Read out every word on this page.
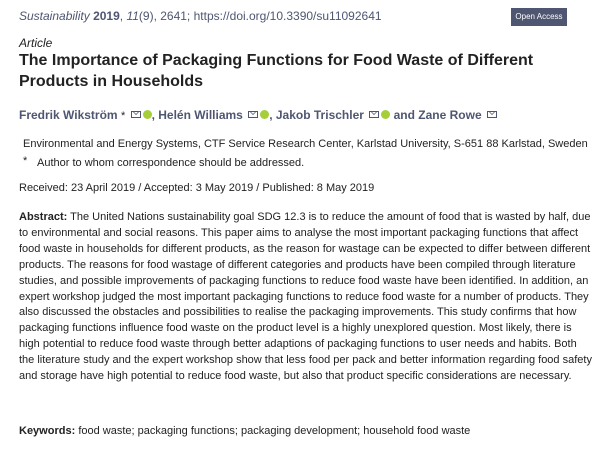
Sustainability 2019, 11(9), 2641; https://doi.org/10.3390/su11092641	Open Access
Article
The Importance of Packaging Functions for Food Waste of Different Products in Households
Fredrik Wikström * , Helén Williams , Jakob Trischler and Zane Rowe
Environmental and Energy Systems, CTF Service Research Center, Karlstad University, S-651 88 Karlstad, Sweden
* Author to whom correspondence should be addressed.
Received: 23 April 2019 / Accepted: 3 May 2019 / Published: 8 May 2019

Abstract: The United Nations sustainability goal SDG 12.3 is to reduce the amount of food that is wasted by half, due to environmental and social reasons. This paper aims to analyse the most important packaging functions that affect food waste in households for different products, as the reason for wastage can be expected to differ between different products. The reasons for food wastage of different categories and products have been compiled through literature studies, and possible improvements of packaging functions to reduce food waste have been identified. In addition, an expert workshop judged the most important packaging functions to reduce food waste for a number of products. They also discussed the obstacles and possibilities to realise the packaging improvements. This study confirms that how packaging functions influence food waste on the product level is a highly unexplored question. Most likely, there is high potential to reduce food waste through better adaptions of packaging functions to user needs and habits. Both the literature study and the expert workshop show that less food per pack and better information regarding food safety and storage have high potential to reduce food waste, but also that product specific considerations are necessary.

Keywords: food waste; packaging functions; packaging development; household food waste
